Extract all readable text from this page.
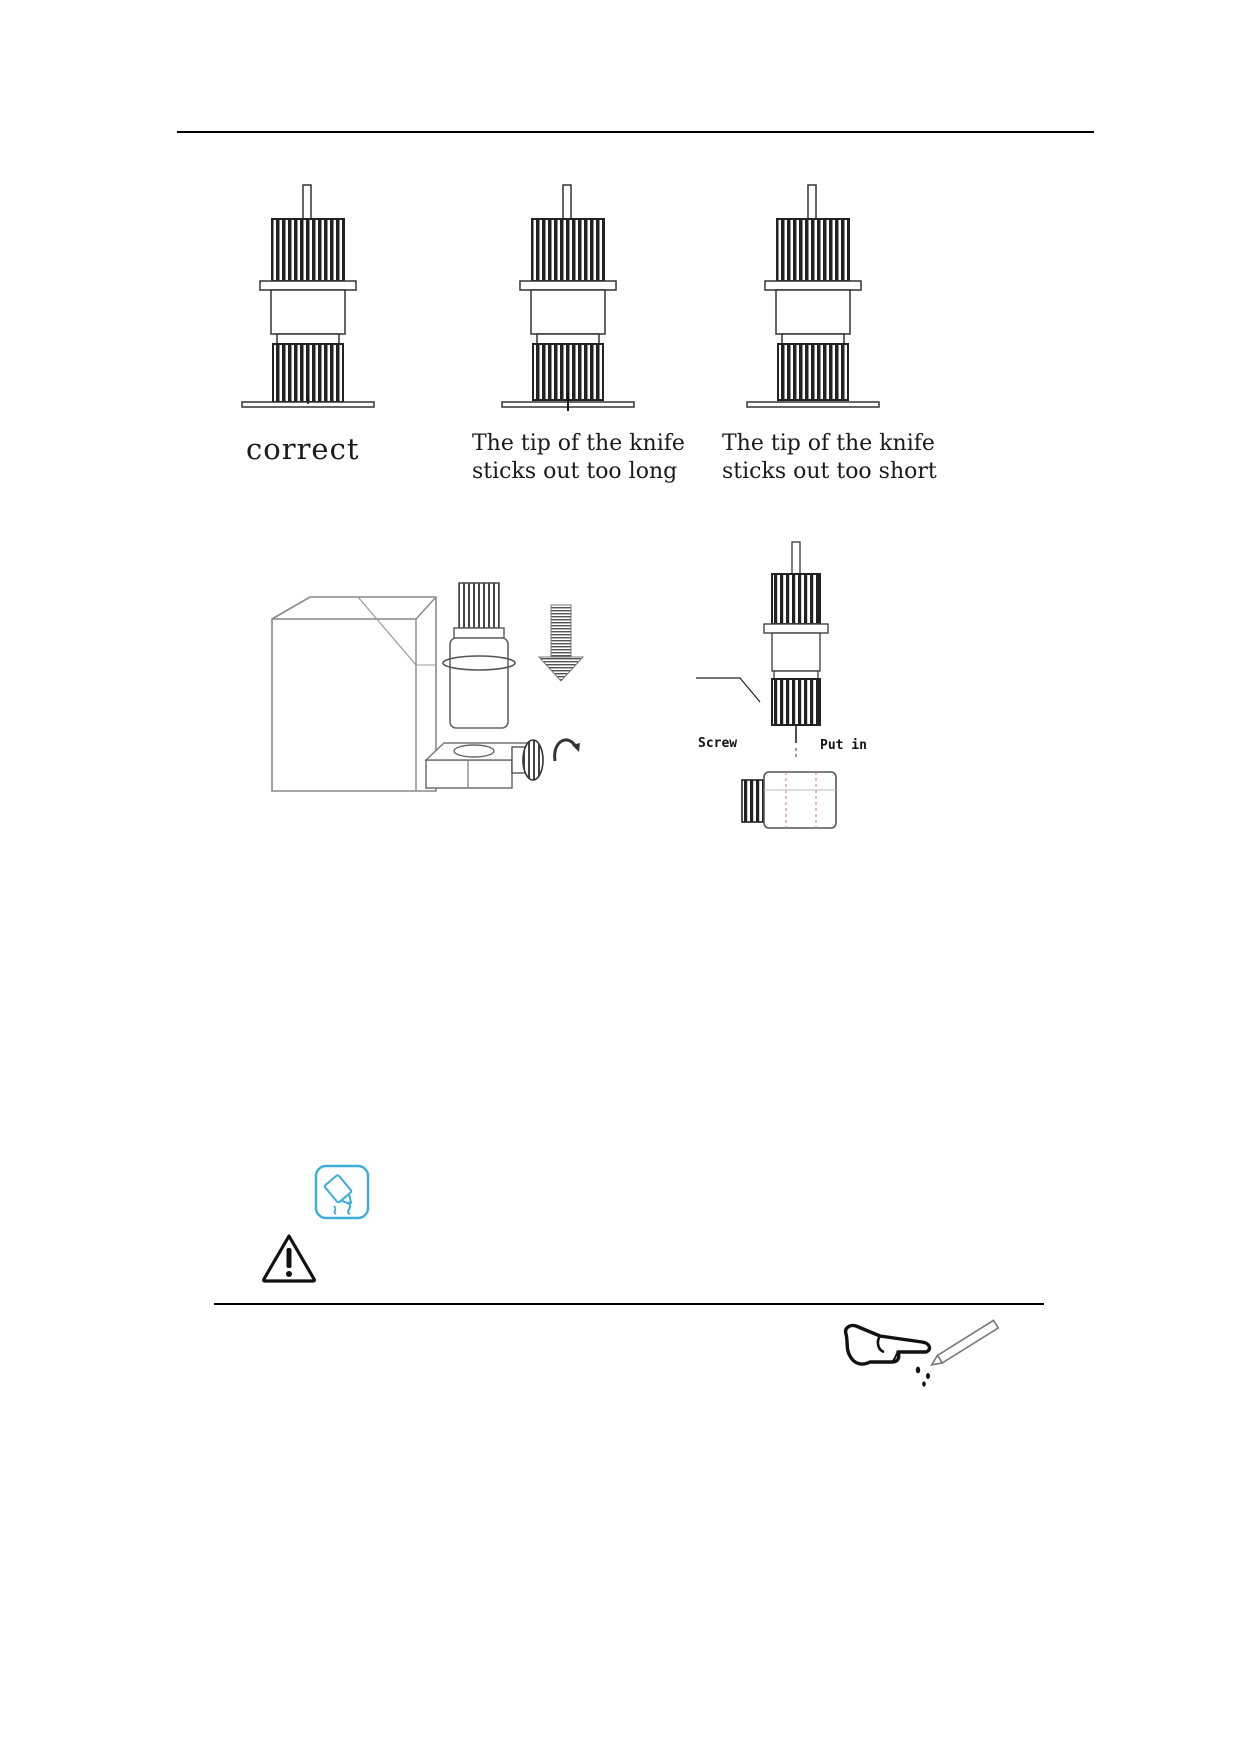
correct	The tip of the knife
sticks out too long
The tip of the knife
sticks out too short
Screw	Put in
